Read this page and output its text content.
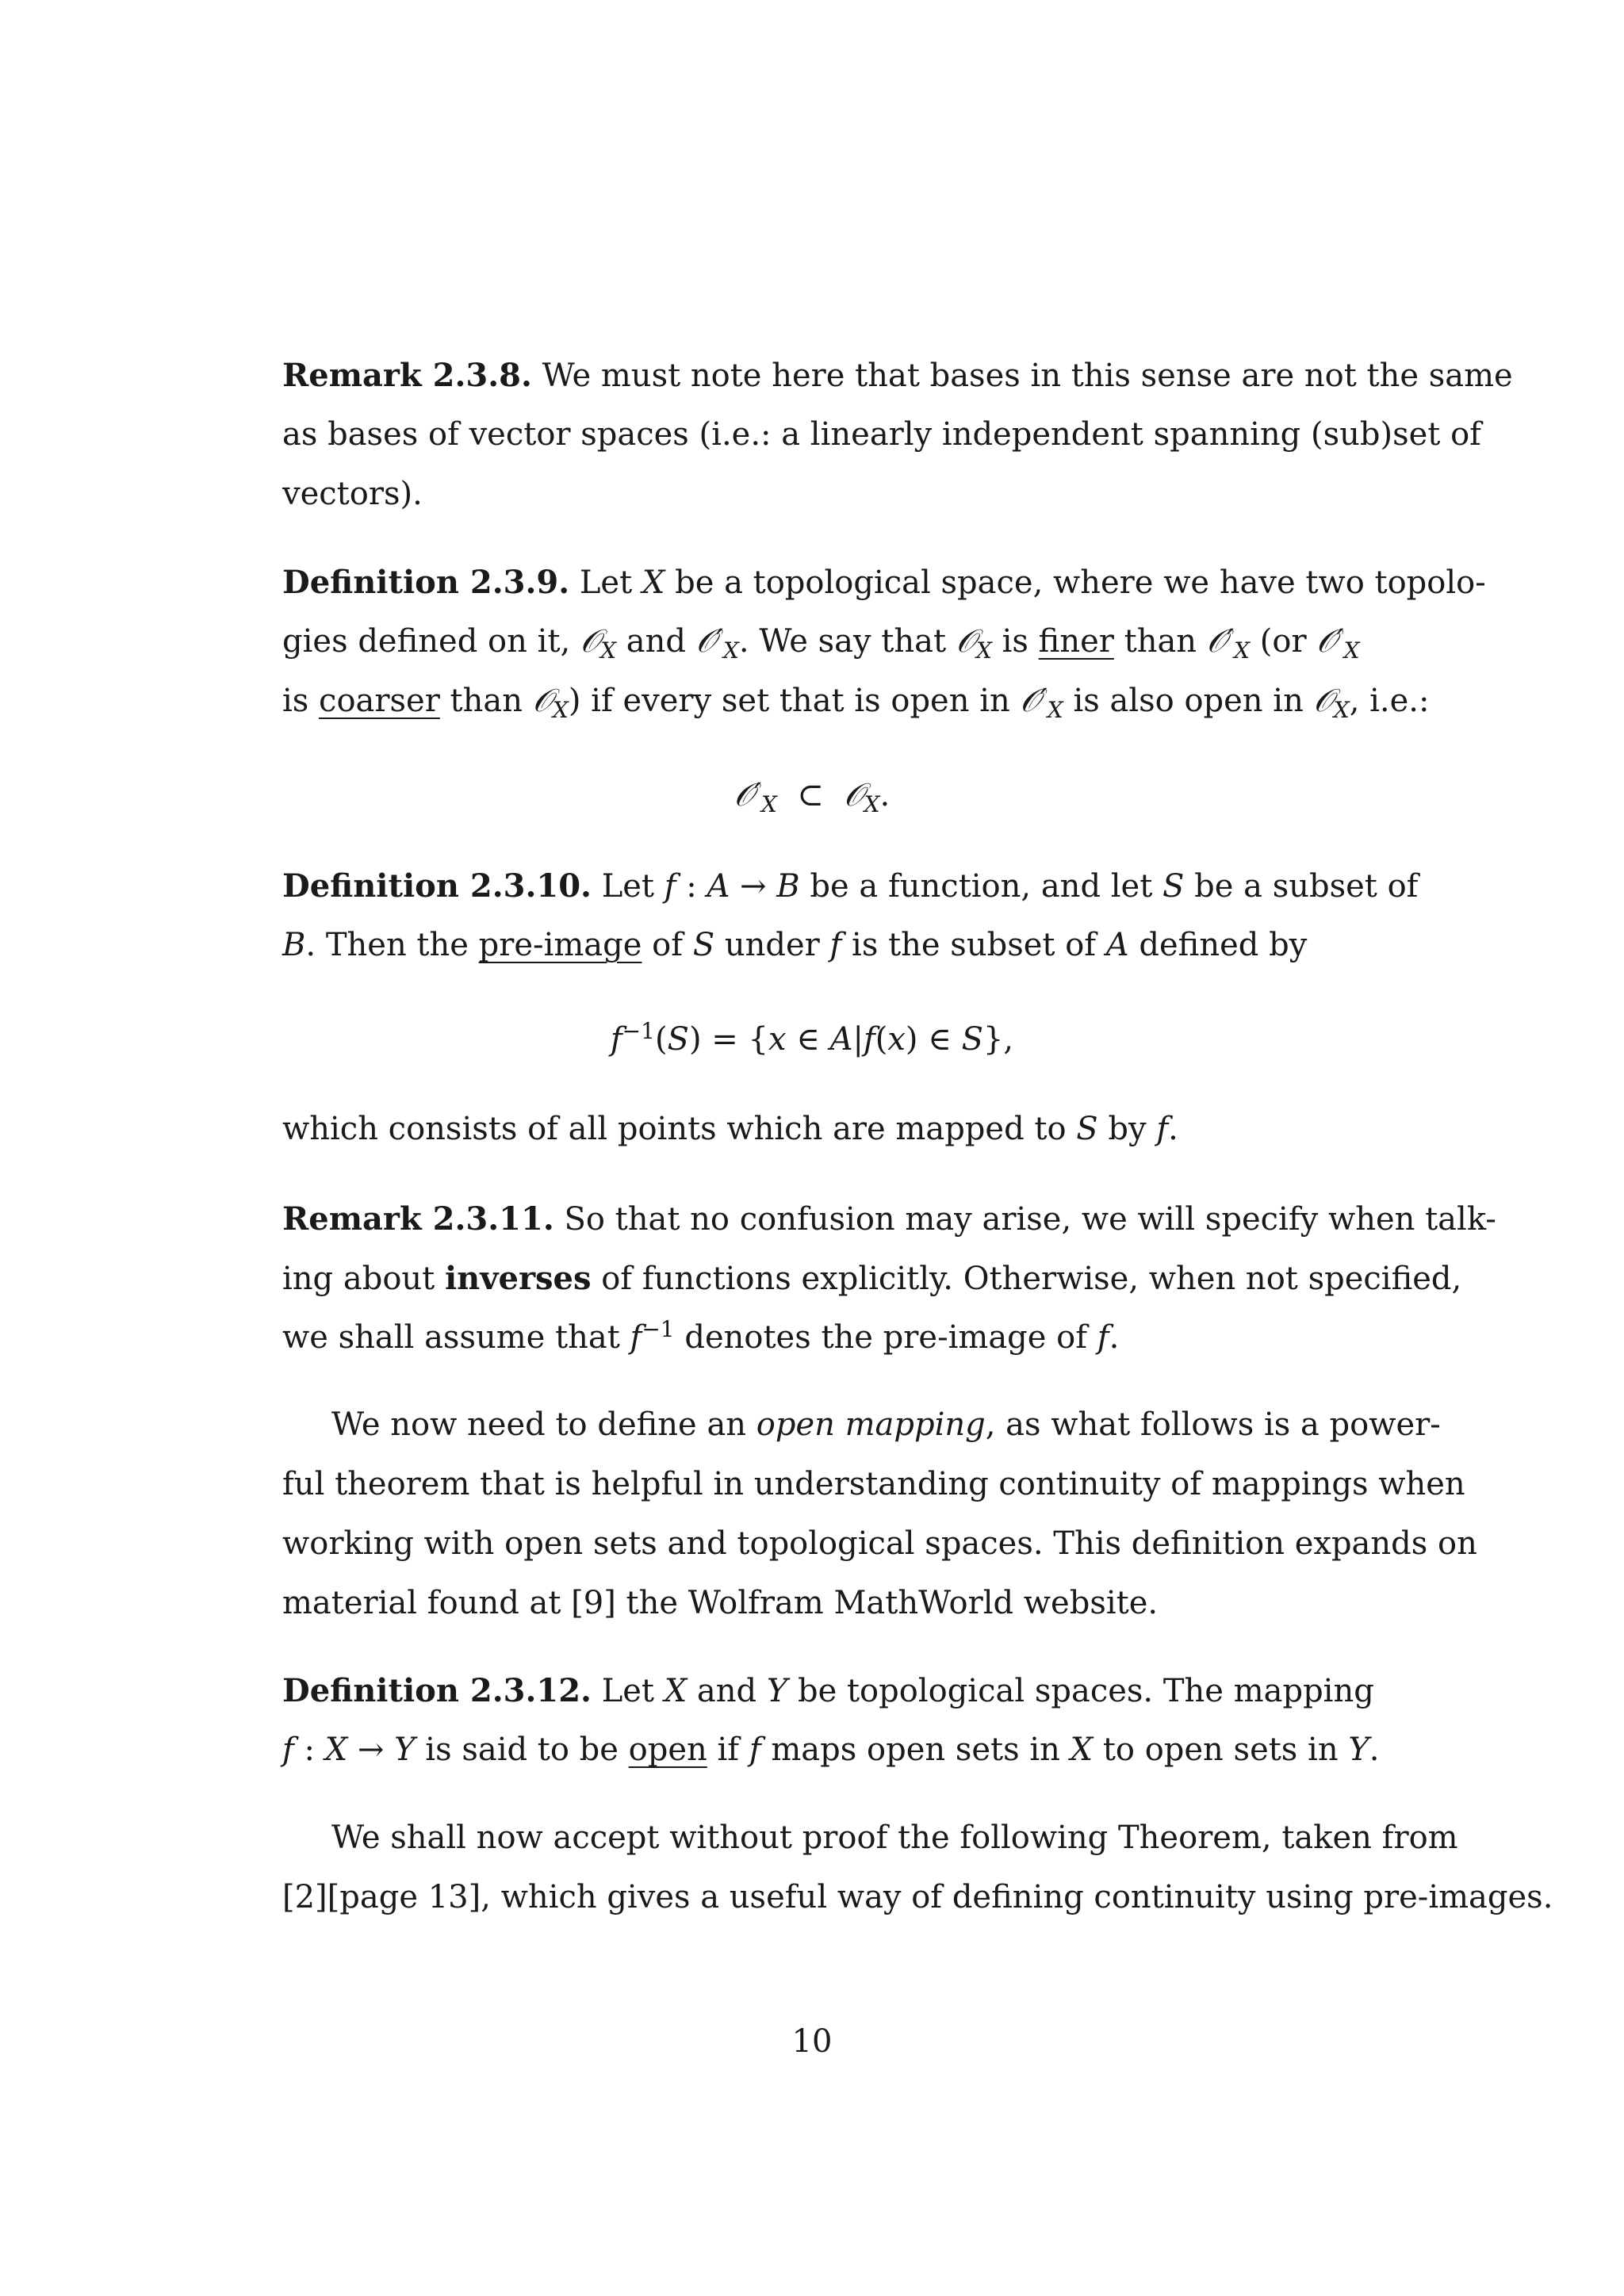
Remark 2.3.8. We must note here that bases in this sense are not the same
as bases of vector spaces (i.e.: a linearly independent spanning (sub)set of
vectors).
Definition 2.3.9. Let X be a topological space, where we have two topolo-
gies defined on it, 𝒪$_X$ and $𝒪'_X$. We say that 𝒪$_X$ is finer than $𝒪'_X$ (or $𝒪'_X$
is coarser than 𝒪$_X$) if every set that is open in $𝒪'_X$ is also open in 𝒪$_X$, i.e.:
$𝒪'_X$ ⊂ 𝒪$_X$.
Definition 2.3.10. Let f : A → B be a function, and let S be a subset of
B. Then the pre-image of S under f is the subset of A defined by
$f^{-1}(S) = \{x$ ∈ A|f(x) ∈ S},
which consists of all points which are mapped to S by f.
Remark 2.3.11. So that no confusion may arise, we will specify when talk-
ing about inverses of functions explicitly. Otherwise, when not specified,
we shall assume that $f^{-1}$ denotes the pre-image of f.
We now need to define an open mapping, as what follows is a power-
ful theorem that is helpful in understanding continuity of mappings when
working with open sets and topological spaces. This definition expands on
material found at [9] the Wolfram MathWorld website.
Definition 2.3.12. Let X and Y be topological spaces. The mapping
f : X → Y is said to be open if f maps open sets in X to open sets in Y.
We shall now accept without proof the following Theorem, taken from
[2][page 13], which gives a useful way of defining continuity using pre-images.
10
